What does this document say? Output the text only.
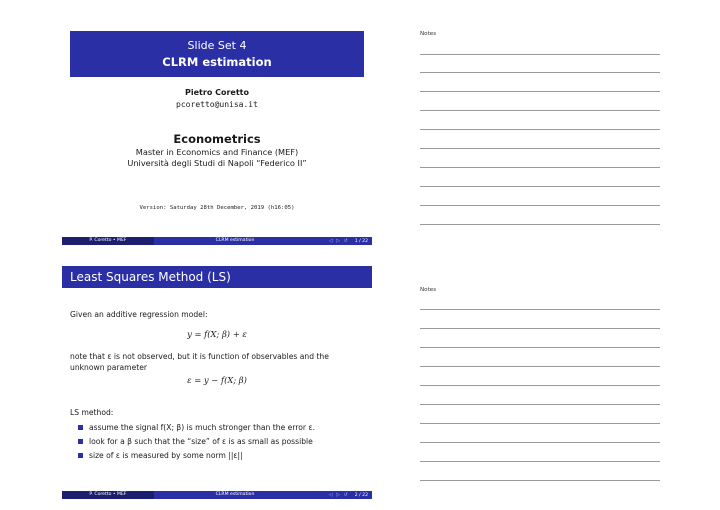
Slide Set 4
CLRM estimation
Pietro Coretto
pcoretto@unisa.it
Econometrics
Master in Economics and Finance (MEF)
Università degli Studi di Napoli “Federico II”
Version: Saturday 28th December, 2019 (h16:05)
P. Coretto • MEF	CLRM estimation	◁ ▷ ↺ 1 / 22
Least Squares Method (LS)
Given an additive regression model:
y = f(X; β) + ε
note that ε is not observed, but it is function of observables and the
unknown parameter
ε = y − f(X; β)
LS method:
assume the signal f(X; β) is much stronger than the error ε.
look for a β such that the “size” of ε is as small as possible
size of ε is measured by some norm ||ε||
P. Coretto • MEF	CLRM estimation	◁ ▷ ↺ 2 / 22
Notes
Notes
